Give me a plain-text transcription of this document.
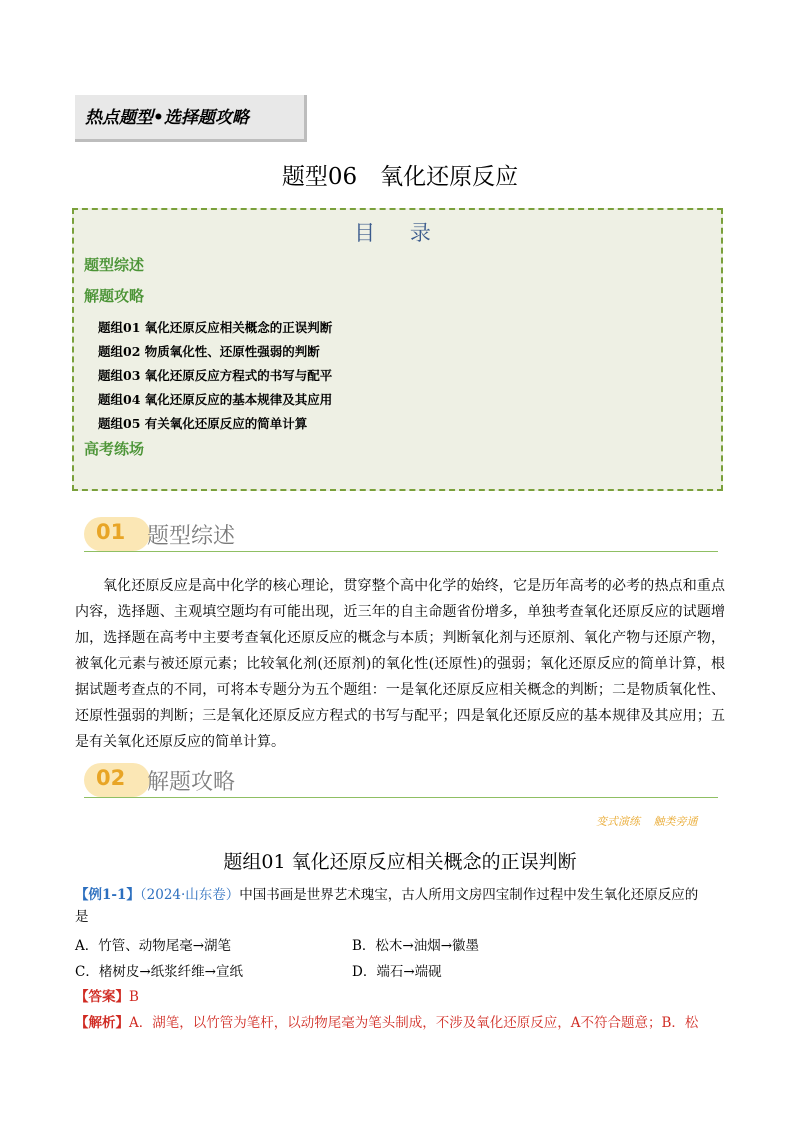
热点题型•选择题攻略
题型06　氧化还原反应
目 录
题型综述
解题攻略
题组01 氧化还原反应相关概念的正误判断
题组02 物质氧化性、还原性强弱的判断
题组03 氧化还原反应方程式的书写与配平
题组04 氧化还原反应的基本规律及其应用
题组05 有关氧化还原反应的简单计算
高考练场
01 题型综述
氧化还原反应是高中化学的核心理论，贯穿整个高中化学的始终，它是历年高考的必考的热点和重点内容，选择题、主观填空题均有可能出现，近三年的自主命题省份增多，单独考查氧化还原反应的试题增加，选择题在高考中主要考查氧化还原反应的概念与本质；判断氧化剂与还原剂、氧化产物与还原产物，被氧化元素与被还原元素；比较氧化剂(还原剂)的氧化性(还原性)的强弱；氧化还原反应的简单计算，根据试题考查点的不同，可将本专题分为五个题组：一是氧化还原反应相关概念的判断；二是物质氧化性、还原性强弱的判断；三是氧化还原反应方程式的书写与配平；四是氧化还原反应的基本规律及其应用；五是有关氧化还原反应的简单计算。
02 解题攻略
变式演练 触类旁通
题组01 氧化还原反应相关概念的正误判断
【例1-1】（2024·山东卷）中国书画是世界艺术瑰宝，古人所用文房四宝制作过程中发生氧化还原反应的
是
A．竹管、动物尾毫→湖笔	B．松木→油烟→徽墨
C．楮树皮→纸浆纤维→宣纸	D．端石→端砚
【答案】B
【解析】A．湖笔，以竹管为笔杆，以动物尾毫为笔头制成，不涉及氧化还原反应，A不符合题意；B．松
